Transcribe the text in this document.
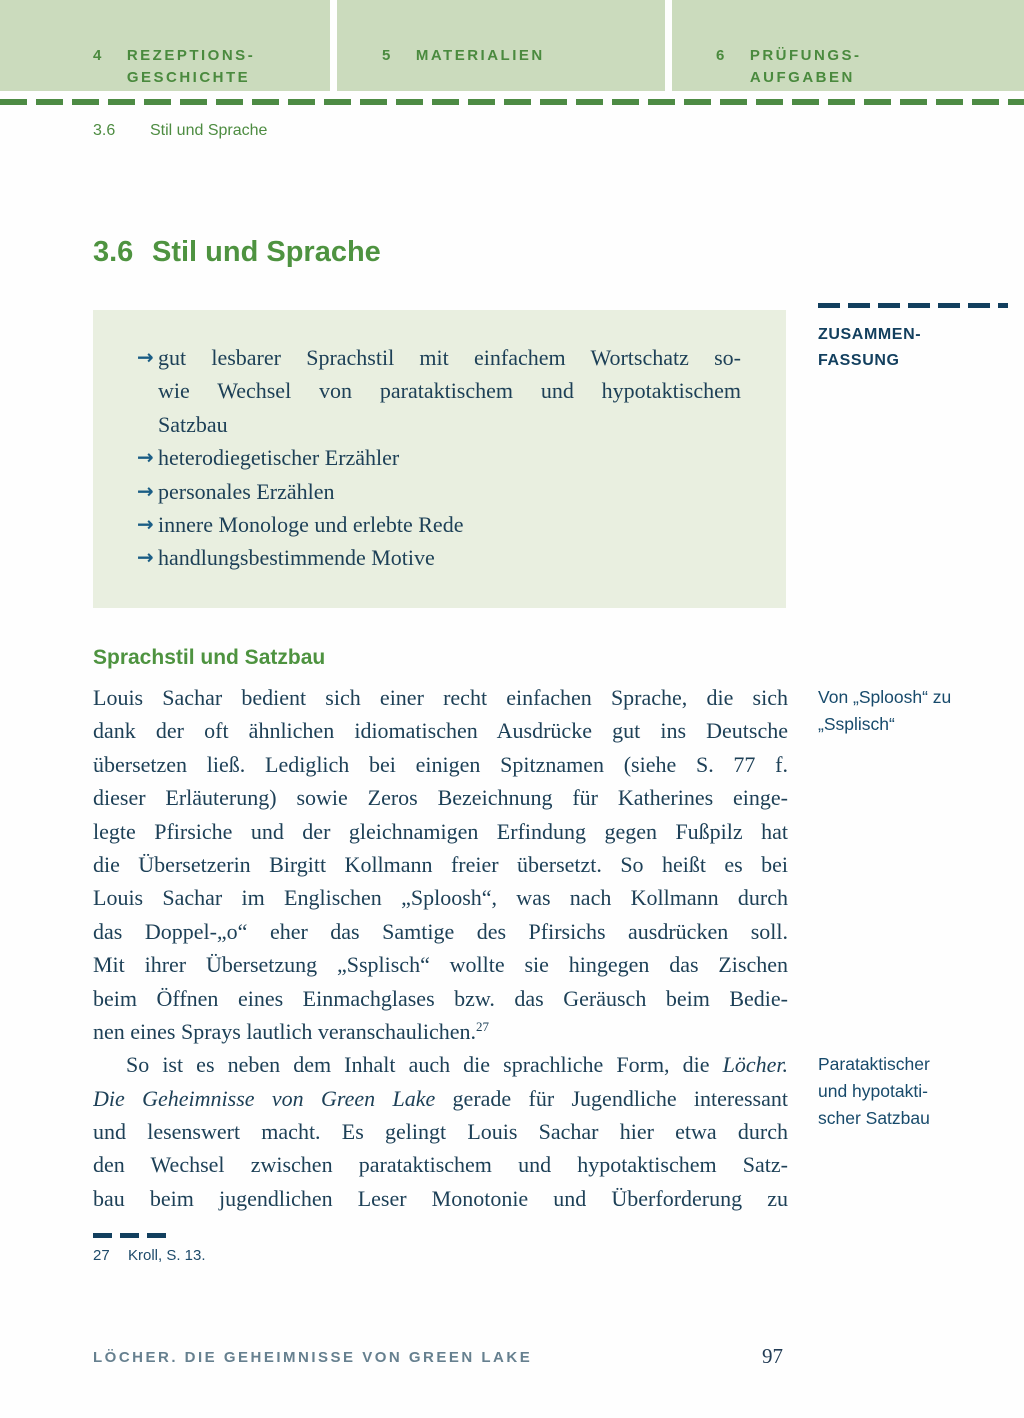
4 REZEPTIONS-
GESCHICHTE
5 MATERIALIEN	6 PRÜFUNGS-
AUFGABEN
3.6 Stil und Sprache
3.6 Stil und Sprache
→ gut lesbarer Sprachstil mit einfachem Wortschatz so-
wie Wechsel von parataktischem und hypotaktischem
Satzbau
→ heterodiegetischer Erzähler
→ personales Erzählen
→ innere Monologe und erlebte Rede
→ handlungsbestimmende Motive
ZUSAMMEN-
FASSUNG
Von „Sploosh“ zu
„Ssplisch“
Parataktischer
und hypotakti-
scher Satzbau
Sprachstil und Satzbau
Louis Sachar bedient sich einer recht einfachen Sprache, die sich
dank der oft ähnlichen idiomatischen Ausdrücke gut ins Deutsche
übersetzen ließ. Lediglich bei einigen Spitznamen (siehe S. 77 f.
dieser Erläuterung) sowie Zeros Bezeichnung für Katherines einge-
legte Pfirsiche und der gleichnamigen Erfindung gegen Fußpilz hat
die Übersetzerin Birgitt Kollmann freier übersetzt. So heißt es bei
Louis Sachar im Englischen „Sploosh“, was nach Kollmann durch
das Doppel-„o“ eher das Samtige des Pfirsichs ausdrücken soll.
Mit ihrer Übersetzung „Ssplisch“ wollte sie hingegen das Zischen
beim Öffnen eines Einmachglases bzw. das Geräusch beim Bedie-
nen eines Sprays lautlich veranschaulichen.$^{27}$
So ist es neben dem Inhalt auch die sprachliche Form, die Löcher.
Die Geheimnisse von Green Lake gerade für Jugendliche interessant
und lesenswert macht. Es gelingt Louis Sachar hier etwa durch
den Wechsel zwischen parataktischem und hypotaktischem Satz-
bau beim jugendlichen Leser Monotonie und Überforderung zu
27 Kroll, S. 13.
LÖCHER. DIE GEHEIMNISSE VON GREEN LAKE	97
